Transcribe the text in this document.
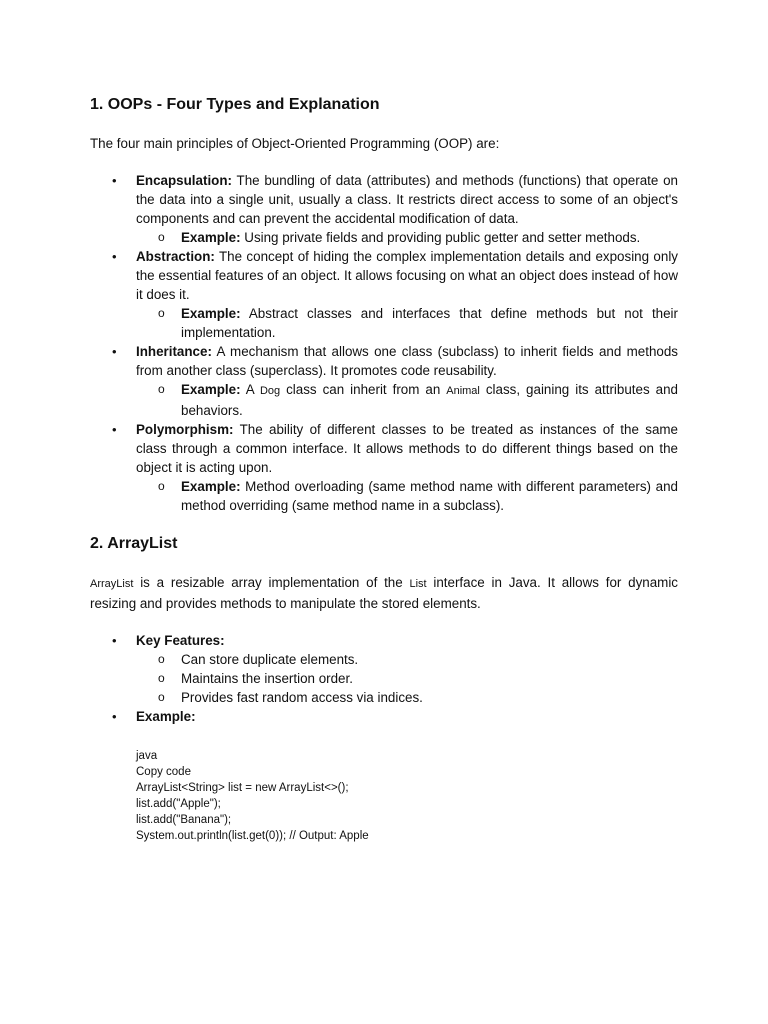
1. OOPs - Four Types and Explanation

The four main principles of Object-Oriented Programming (OOP) are:

• Encapsulation: The bundling of data (attributes) and methods (functions) that operate on the data into a single unit, usually a class. It restricts direct access to some of an object's components and can prevent the accidental modification of data.
o Example: Using private fields and providing public getter and setter methods.
• Abstraction: The concept of hiding the complex implementation details and exposing only the essential features of an object. It allows focusing on what an object does instead of how it does it.
o Example: Abstract classes and interfaces that define methods but not their implementation.
• Inheritance: A mechanism that allows one class (subclass) to inherit fields and methods from another class (superclass). It promotes code reusability.
o Example: A Dog class can inherit from an Animal class, gaining its attributes and behaviors.
• Polymorphism: The ability of different classes to be treated as instances of the same class through a common interface. It allows methods to do different things based on the object it is acting upon.
o Example: Method overloading (same method name with different parameters) and method overriding (same method name in a subclass).
2. ArrayList

ArrayList is a resizable array implementation of the List interface in Java. It allows for dynamic resizing and provides methods to manipulate the stored elements.

• Key Features:
o Can store duplicate elements.
o Maintains the insertion order.
o Provides fast random access via indices.
• Example:
java
Copy code
ArrayList<String> list = new ArrayList<>();
list.add("Apple");
list.add("Banana");
System.out.println(list.get(0)); // Output: Apple
